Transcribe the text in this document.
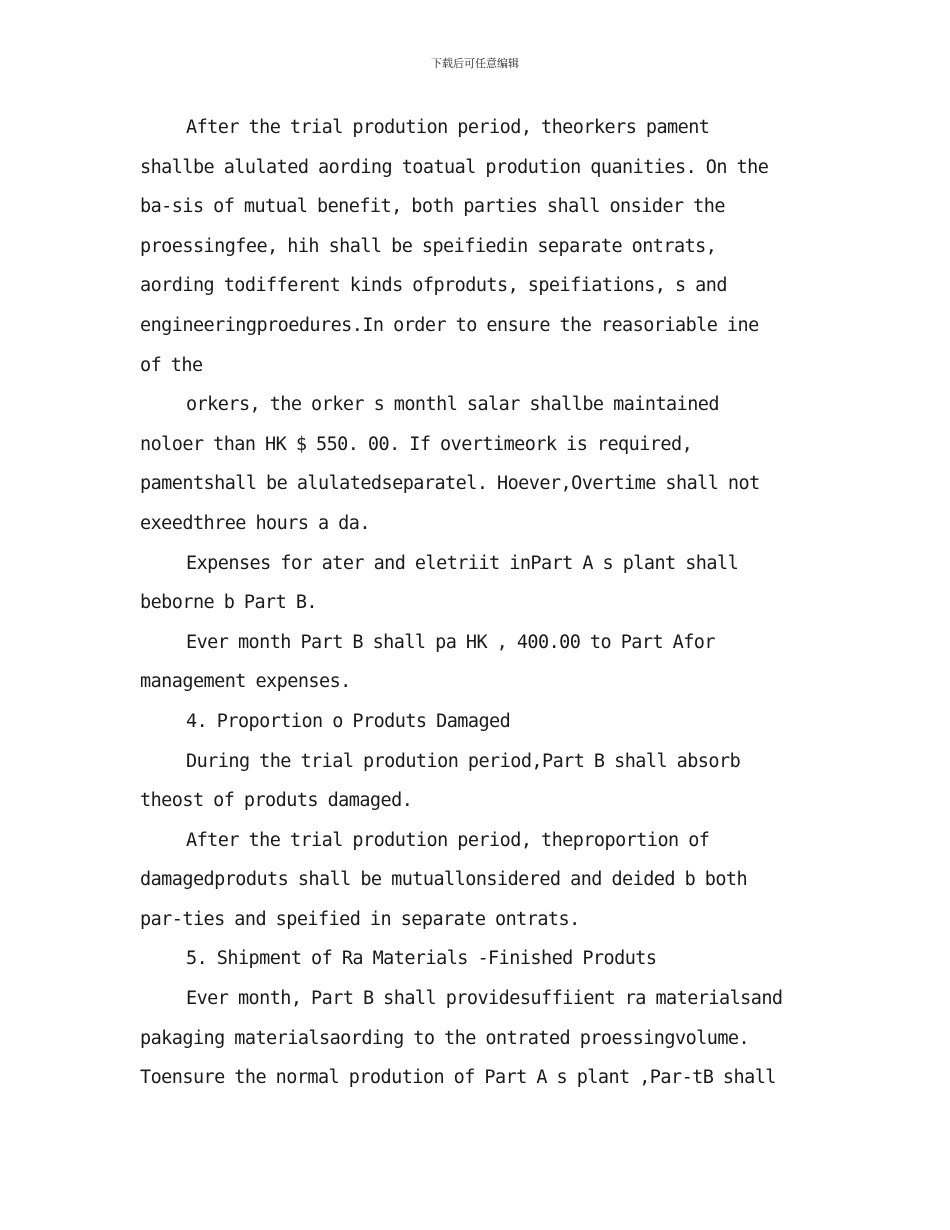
下载后可任意编辑

After the trial prodution period, theorkers pament

shallbe alulated aording toatual prodution quanities. On the

ba-sis of mutual benefit, both parties shall onsider the

proessingfee, hih shall be speifiedin separate ontrats,

aording todifferent kinds ofproduts, speifiations, s and

engineeringproedures.In order to ensure the reasoriable ine

of the

orkers, the orker s monthl salar shallbe maintained

noloer than HK $ 550. 00. If overtimeork is required,

pamentshall be alulatedseparatel. Hoever,Overtime shall not

exeedthree hours a da.

Expenses for ater and eletriit inPart A s plant shall

beborne b Part B.

Ever month Part B shall pa HK , 400.00 to Part Afor

management expenses.

4. Proportion o Produts Damaged

During the trial prodution period,Part B shall absorb

theost of produts damaged.

After the trial prodution period, theproportion of

damagedproduts shall be mutuallonsidered and deided b both

par-ties and speified in separate ontrats.

5. Shipment of Ra Materials -Finished Produts

Ever month, Part B shall providesuffiient ra materialsand

pakaging materialsaording to the ontrated proessingvolume.

Toensure the normal prodution of Part A s plant ,Par-tB shall
